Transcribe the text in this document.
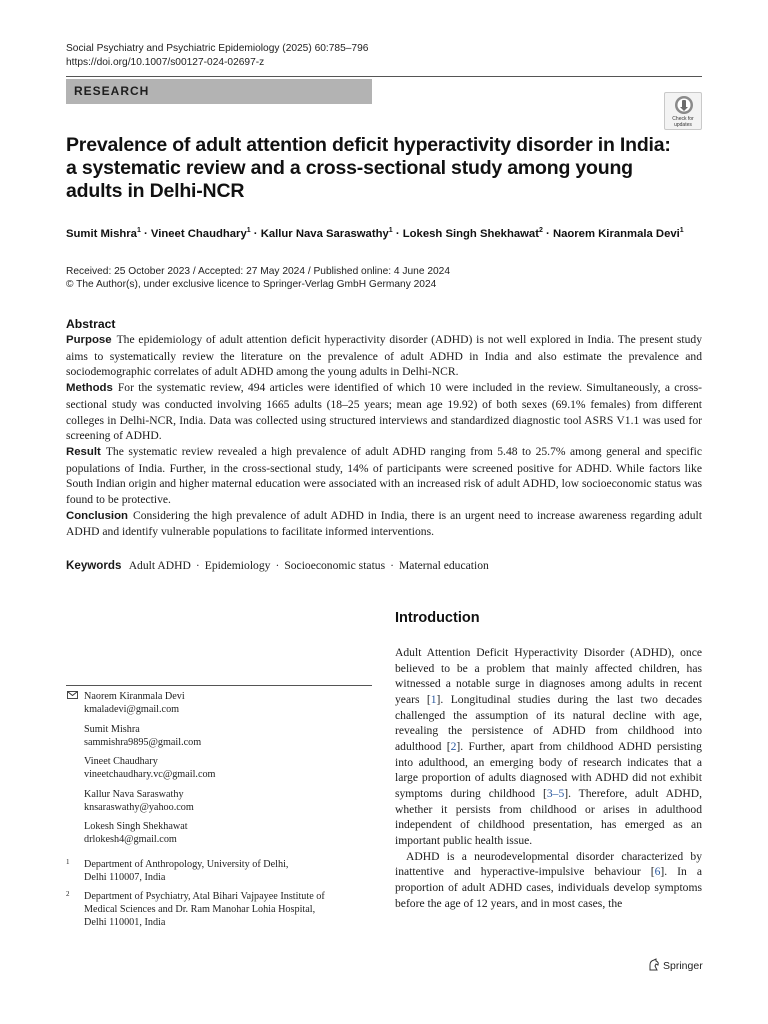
Social Psychiatry and Psychiatric Epidemiology (2025) 60:785–796
https://doi.org/10.1007/s00127-024-02697-z
RESEARCH
Check for updates
Prevalence of adult attention deficit hyperactivity disorder in India: a systematic review and a cross-sectional study among young adults in Delhi-NCR
Sumit Mishra$^1$ · Vineet Chaudhary$^1$ · Kallur Nava Saraswathy$^1$ · Lokesh Singh Shekhawat$^2$ · Naorem Kiranmala Devi$^1$
Received: 25 October 2023 / Accepted: 27 May 2024 / Published online: 4 June 2024
© The Author(s), under exclusive licence to Springer-Verlag GmbH Germany 2024
Abstract

Purpose The epidemiology of adult attention deficit hyperactivity disorder (ADHD) is not well explored in India. The present study aims to systematically review the literature on the prevalence of adult ADHD in India and also estimate the prevalence and sociodemographic correlates of adult ADHD among the young adults in Delhi-NCR.

Methods For the systematic review, 494 articles were identified of which 10 were included in the review. Simultaneously, a cross-sectional study was conducted involving 1665 adults (18–25 years; mean age 19.92) of both sexes (69.1% females) from different colleges in Delhi-NCR, India. Data was collected using structured interviews and standardized diagnostic tool ASRS V1.1 was used for screening of ADHD.

Result The systematic review revealed a high prevalence of adult ADHD ranging from 5.48 to 25.7% among general and specific populations of India. Further, in the cross-sectional study, 14% of participants were screened positive for ADHD. While factors like South Indian origin and higher maternal education were associated with an increased risk of adult ADHD, low socioeconomic status was found to be protective.

Conclusion Considering the high prevalence of adult ADHD in India, there is an urgent need to increase awareness regarding adult ADHD and identify vulnerable populations to facilitate informed interventions.

Keywords Adult ADHD · Epidemiology · Socioeconomic status · Maternal education
Introduction

Adult Attention Deficit Hyperactivity Disorder (ADHD), once believed to be a problem that mainly affected children, has witnessed a notable surge in diagnoses among adults in recent years [1]. Longitudinal studies during the last two decades challenged the assumption of its natural decline with age, revealing the persistence of ADHD from childhood into adulthood [2]. Further, apart from childhood ADHD persisting into adulthood, an emerging body of research indicates that a large proportion of adults diagnosed with ADHD did not exhibit symptoms during childhood [3–5]. Therefore, adult ADHD, whether it persists from childhood or arises in adulthood independent of childhood presentation, has emerged as an important public health issue.

ADHD is a neurodevelopmental disorder characterized by inattentive and hyperactive-impulsive behaviour [6]. In a proportion of adult ADHD cases, individuals develop symptoms before the age of 12 years, and in most cases, the

Naorem Kiranmala Devi
kmaladevi@gmail.com
Sumit Mishra
sammishra9895@gmail.com
Vineet Chaudhary
vineetchaudhary.vc@gmail.com
Kallur Nava Saraswathy
knsaraswathy@yahoo.com
Lokesh Singh Shekhawat
drlokesh4@gmail.com
1 Department of Anthropology, University of Delhi,
Delhi 110007, India
2 Department of Psychiatry, Atal Bihari Vajpayee Institute of
Medical Sciences and Dr. Ram Manohar Lohia Hospital,
Delhi 110001, India
Springer
